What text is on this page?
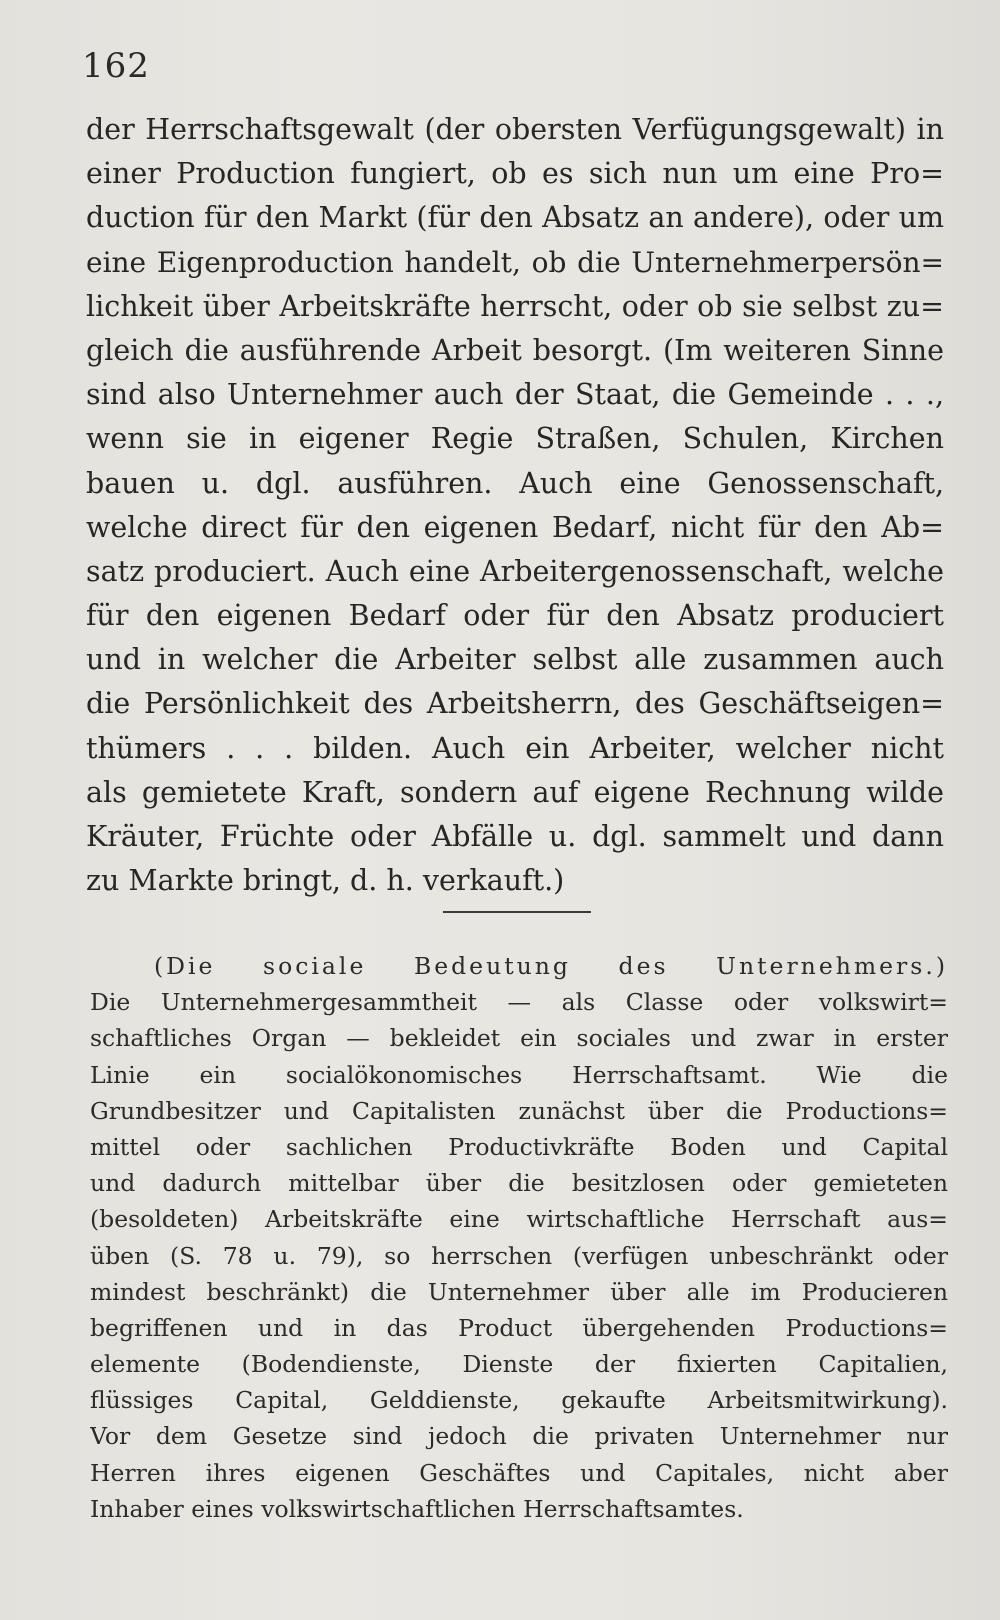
162
der Herrschaftsgewalt (der obersten Verfügungsgewalt) in
einer Production fungiert, ob es sich nun um eine Pro=
duction für den Markt (für den Absatz an andere), oder um
eine Eigenproduction handelt, ob die Unternehmerpersön=
lichkeit über Arbeitskräfte herrscht, oder ob sie selbst zu=
gleich die ausführende Arbeit besorgt. (Im weiteren Sinne
sind also Unternehmer auch der Staat, die Gemeinde . . .,
wenn sie in eigener Regie Straßen, Schulen, Kirchen
bauen u. dgl. ausführen. Auch eine Genossenschaft,
welche direct für den eigenen Bedarf, nicht für den Ab=
satz produciert. Auch eine Arbeitergenossenschaft, welche
für den eigenen Bedarf oder für den Absatz produciert
und in welcher die Arbeiter selbst alle zusammen auch
die Persönlichkeit des Arbeitsherrn, des Geschäftseigen=
thümers . . . bilden. Auch ein Arbeiter, welcher nicht
als gemietete Kraft, sondern auf eigene Rechnung wilde
Kräuter, Früchte oder Abfälle u. dgl. sammelt und dann
zu Markte bringt, d. h. verkauft.)
(Die sociale Bedeutung des Unternehmers.)
Die Unternehmergesammtheit — als Classe oder volkswirt=
schaftliches Organ — bekleidet ein sociales und zwar in erster
Linie ein socialökonomisches Herrschaftsamt. Wie die
Grundbesitzer und Capitalisten zunächst über die Productions=
mittel oder sachlichen Productivkräfte Boden und Capital
und dadurch mittelbar über die besitzlosen oder gemieteten
(besoldeten) Arbeitskräfte eine wirtschaftliche Herrschaft aus=
üben (S. 78 u. 79), so herrschen (verfügen unbeschränkt oder
mindest beschränkt) die Unternehmer über alle im Producieren
begriffenen und in das Product übergehenden Productions=
elemente (Bodendienste, Dienste der fixierten Capitalien,
flüssiges Capital, Gelddienste, gekaufte Arbeitsmitwirkung).
Vor dem Gesetze sind jedoch die privaten Unternehmer nur
Herren ihres eigenen Geschäftes und Capitales, nicht aber
Inhaber eines volkswirtschaftlichen Herrschaftsamtes.
